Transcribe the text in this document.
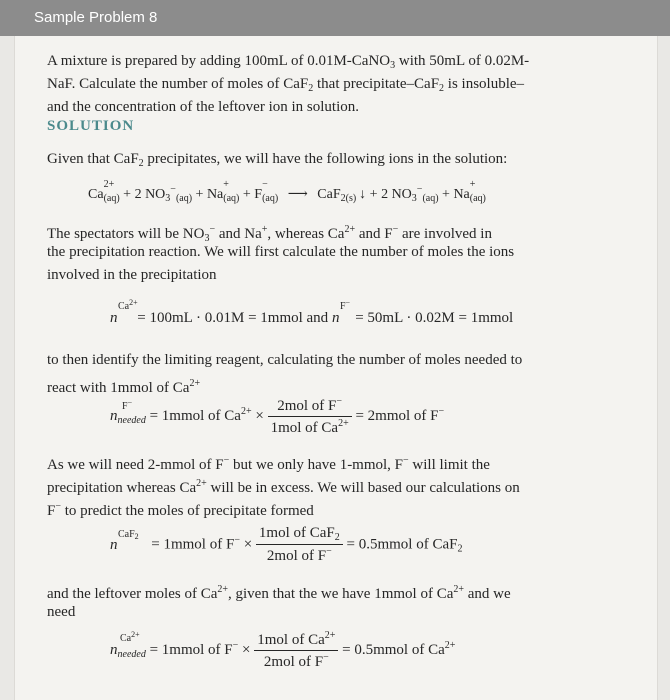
Sample Problem 8
A mixture is prepared by adding 100mL of 0.01M-CaNO$_3$ with 50mL of 0.02M-
NaF. Calculate the number of moles of CaF$_2$ that precipitate–CaF$_2$ is insoluble–
and the concentration of the leftover ion in solution.
SOLUTION
Given that CaF$_2$ precipitates, we will have the following ions in the solution:
Ca
2+
$_{(aq)}$ + 2 $NO_3^-_{(aq)} + Na$
+
$_{(aq)}$ + F
−
$_{(aq)}$ ⟶ CaF$_{2(s)}$ ↓ + 2 $NO_3^-_{(aq)} + Na$
+
$_{(aq)}$
The spectators will be $NO_3^-$ and Na+, whereas $Ca^{2+}$ and F− are involved in
the precipitation reaction. We will first calculate the number of moles the ions
involved in the precipitation
n
$Ca^{2+}$
= 100mL · 0.01M = 1mmol and n
F−
= 50mL · 0.02M = 1mmol
to then identify the limiting reagent, calculating the number of moles needed to
react with 1mmol of $Ca^{2+}$
$n_{needed}$
F−
= 1mmol of $Ca^{2+} \times \frac{2mol of F^-}{1mol of Ca^{2+}}$ = 2mmol of F−
As we will need 2-mmol of F− but we only have 1-mmol, F− will limit the
precipitation whereas $Ca^{2+}$ will be in excess. We will based our calculations on
F− to predict the moles of precipitate formed
n
CaF$_2$
= 1mmol of $F^- \times \frac{1mol of CaF_2}{2mol of F^-}$ = 0.5mmol of CaF$_2$
and the leftover moles of $Ca^{2+}$, given that the we have 1mmol of $Ca^{2+}$ and we
need
$n_{needed}$
$Ca^{2+}$
= 1mmol of $F^- \times \frac{1mol of Ca^{2+}}{2mol of F^-}$ = 0.5mmol of $Ca^{2+}$
